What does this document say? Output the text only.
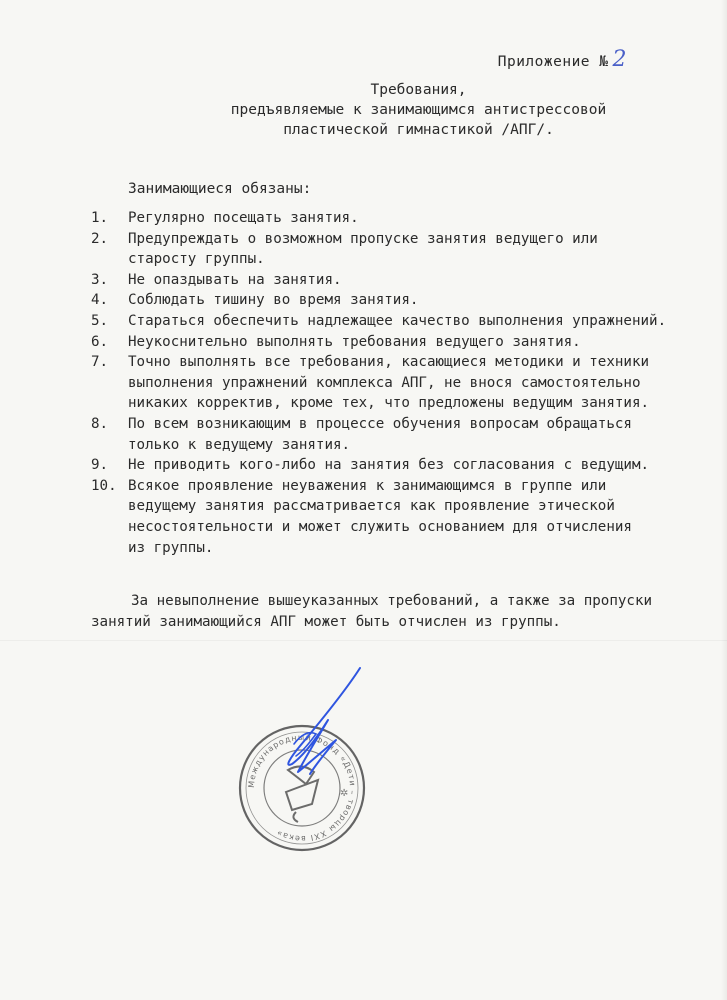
Приложение № 2
Требования,
предъявляемые к занимающимся антистрессовой
пластической гимнастикой /АПГ/.
Занимающиеся обязаны:
1.	Регулярно посещать занятия.
2.	Предупреждать о возможном пропуске занятия ведущего или
старосту группы.
3.	Не опаздывать на занятия.
4.	Соблюдать тишину во время занятия.
5.	Стараться обеспечить надлежащее качество выполнения упражнений.
6.	Неукоснительно выполнять требования ведущего занятия.
7.	Точно выполнять все требования, касающиеся методики и техники
выполнения упражнений комплекса АПГ, не внося самостоятельно
никаких корректив, кроме тех, что предложены ведущим занятия.
8.	По всем возникающим в процессе обучения вопросам обращаться
только к ведущему занятия.
9.	Не приводить кого-либо на занятия без согласования с ведущим.
10. Всякое проявление неуважения к занимающимся в группе или
ведущему занятия рассматривается как проявление этической
несостоятельности и может служить основанием для отчисления
из группы.
За невыполнение вышеуказанных требований, а также за пропуски
занятий занимающийся АПГ может быть отчислен из группы.
Международный Фонд «Дети – творцы XXI века»
✲
